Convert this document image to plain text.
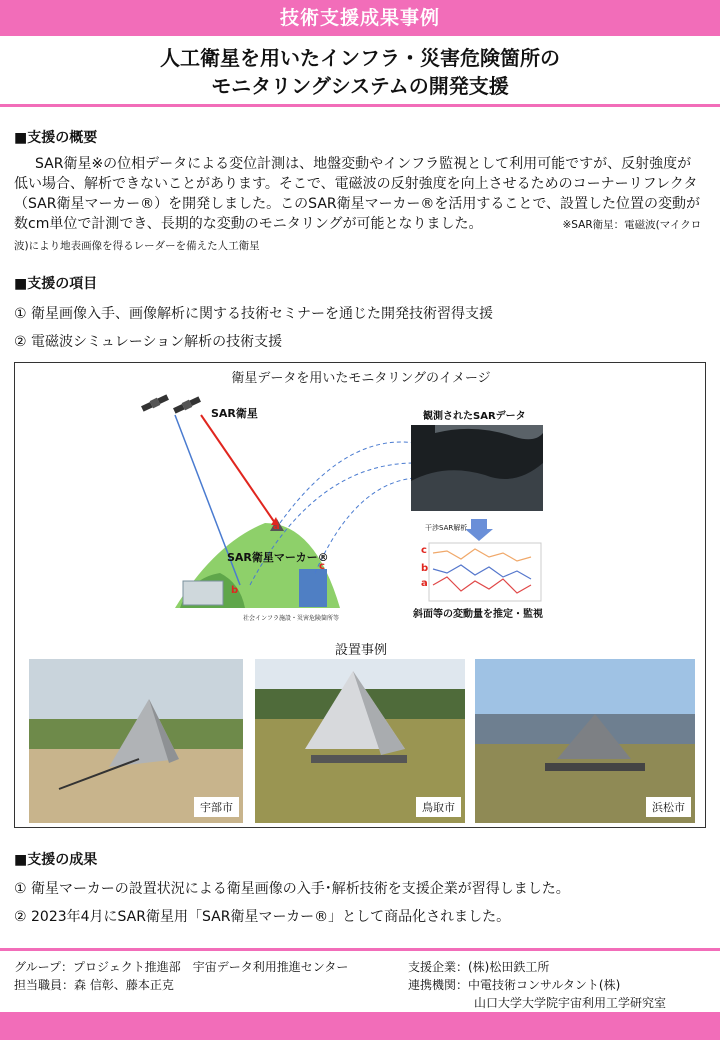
技術支援成果事例
人工衛星を用いたインフラ・災害危険箇所の
モニタリングシステムの開発支援
■支援の概要

SAR衛星※の位相データによる変位計測は、地盤変動やインフラ監視として利用可能ですが、反射強度が低い場合、解析できないことがあります。そこで、電磁波の反射強度を向上させるためのコーナーリフレクタ（SAR衛星マーカー®）を開発しました。このSAR衛星マーカー®を活用することで、設置した位置の変動が数cm単位で計測でき、長期的な変動のモニタリングが可能となりました。	※SAR衛星：電磁波(マイクロ波)により地表画像を得るレーダーを備えた人工衛星

■支援の項目
① 衛星画像入手、画像解析に関する技術セミナーを通じた開発技術習得支援
② 電磁波シミュレーション解析の技術支援
衛星データを用いたモニタリングのイメージ
SAR衛星
SAR衛星マーカー®
観測されたSARデータ
干渉SAR解析
斜面等の変動量を推定・監視
社会インフラ施設・災害危険箇所等
a
b
c
c
b
a
設置事例
宇部市	鳥取市	浜松市
■支援の成果
① 衛星マーカーの設置状況による衛星画像の入手･解析技術を支援企業が習得しました。
② 2023年4月にSAR衛星用「SAR衛星マーカー®」として商品化されました。
グループ：プロジェクト推進部　宇宙データ利用推進センター
担当職員：森 信彰、藤本正克
支援企業：(株)松田鉄工所
連携機関：中電技術コンサルタント(株)
山口大学大学院宇宙利用工学研究室
